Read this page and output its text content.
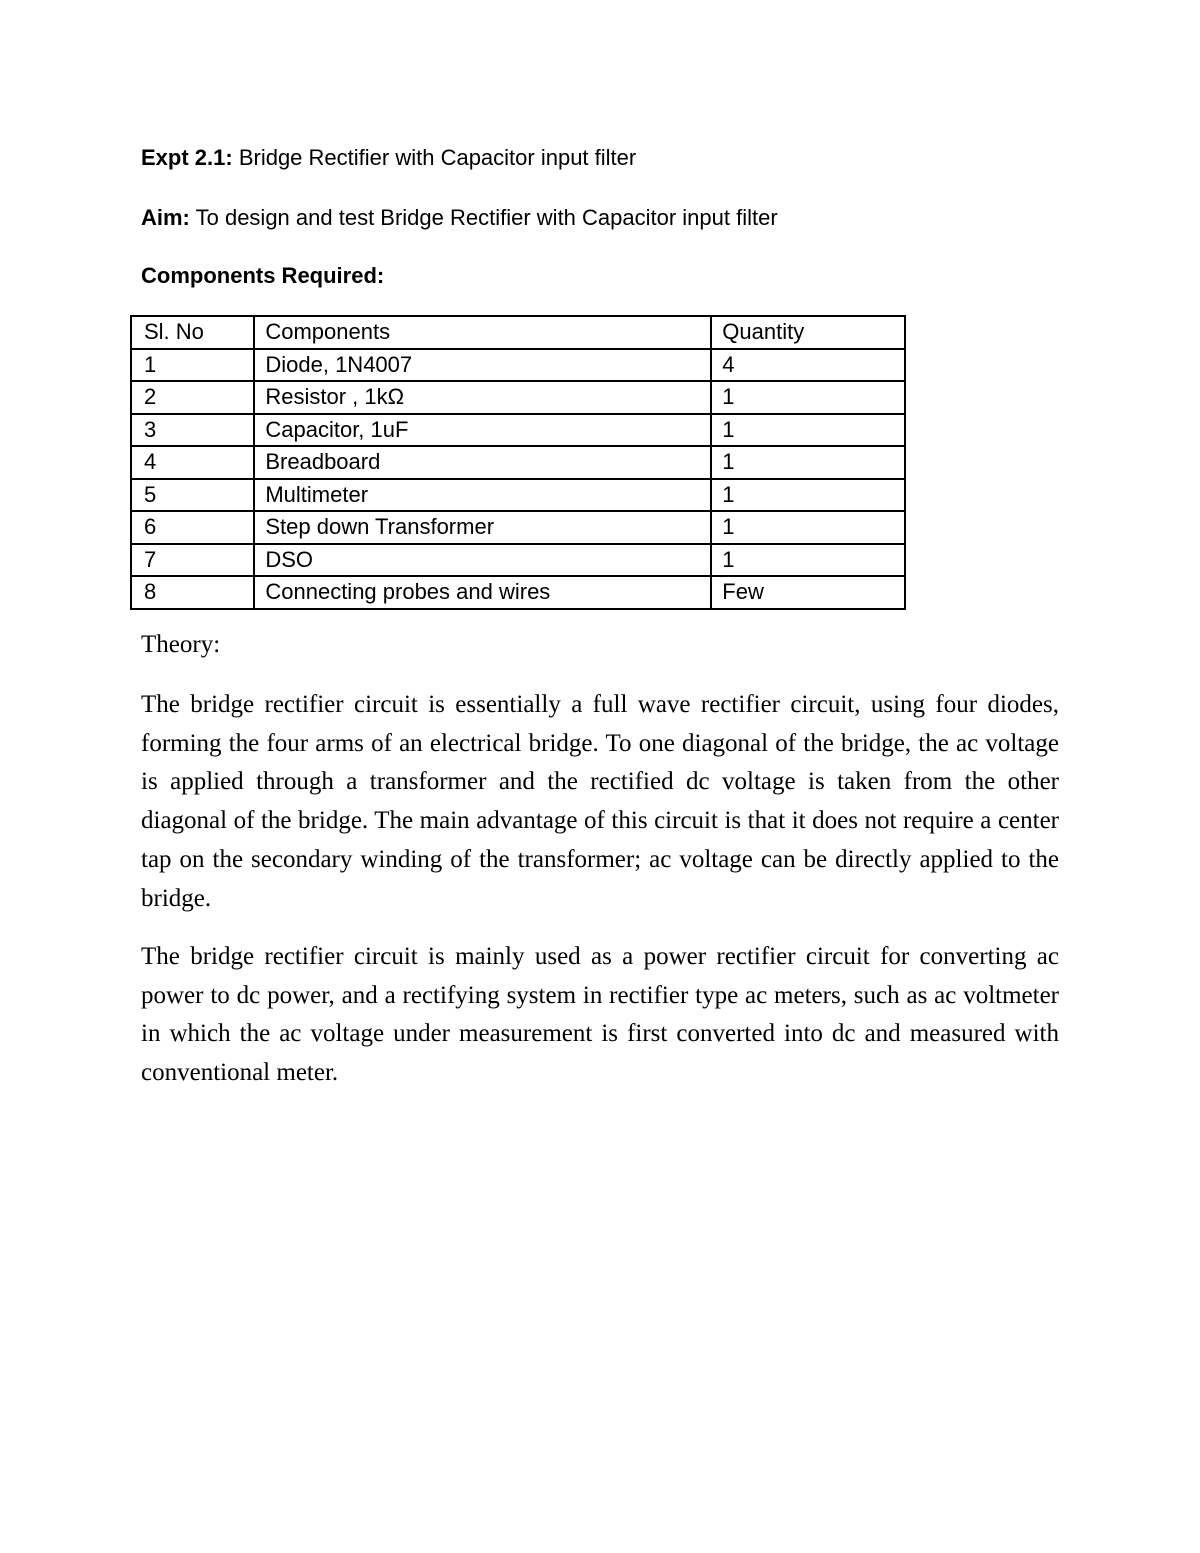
Expt 2.1: Bridge Rectifier with Capacitor input filter
Aim: To design and test Bridge Rectifier with Capacitor input filter
Components Required:
Sl. No	Components	Quantity
1	Diode, 1N4007	4
2	Resistor , 1kΩ	1
3	Capacitor, 1uF	1
4	Breadboard	1
5	Multimeter	1
6	Step down Transformer	1
7	DSO	1
8	Connecting probes and wires	Few
Theory:

The bridge rectifier circuit is essentially a full wave rectifier circuit, using four diodes, forming the four arms of an electrical bridge. To one diagonal of the bridge, the ac voltage is applied through a transformer and the rectified dc voltage is taken from the other diagonal of the bridge. The main advantage of this circuit is that it does not require a center tap on the secondary winding of the transformer; ac voltage can be directly applied to the bridge.

The bridge rectifier circuit is mainly used as a power rectifier circuit for converting ac power to dc power, and a rectifying system in rectifier type ac meters, such as ac voltmeter in which the ac voltage under measurement is first converted into dc and measured with conventional meter.
